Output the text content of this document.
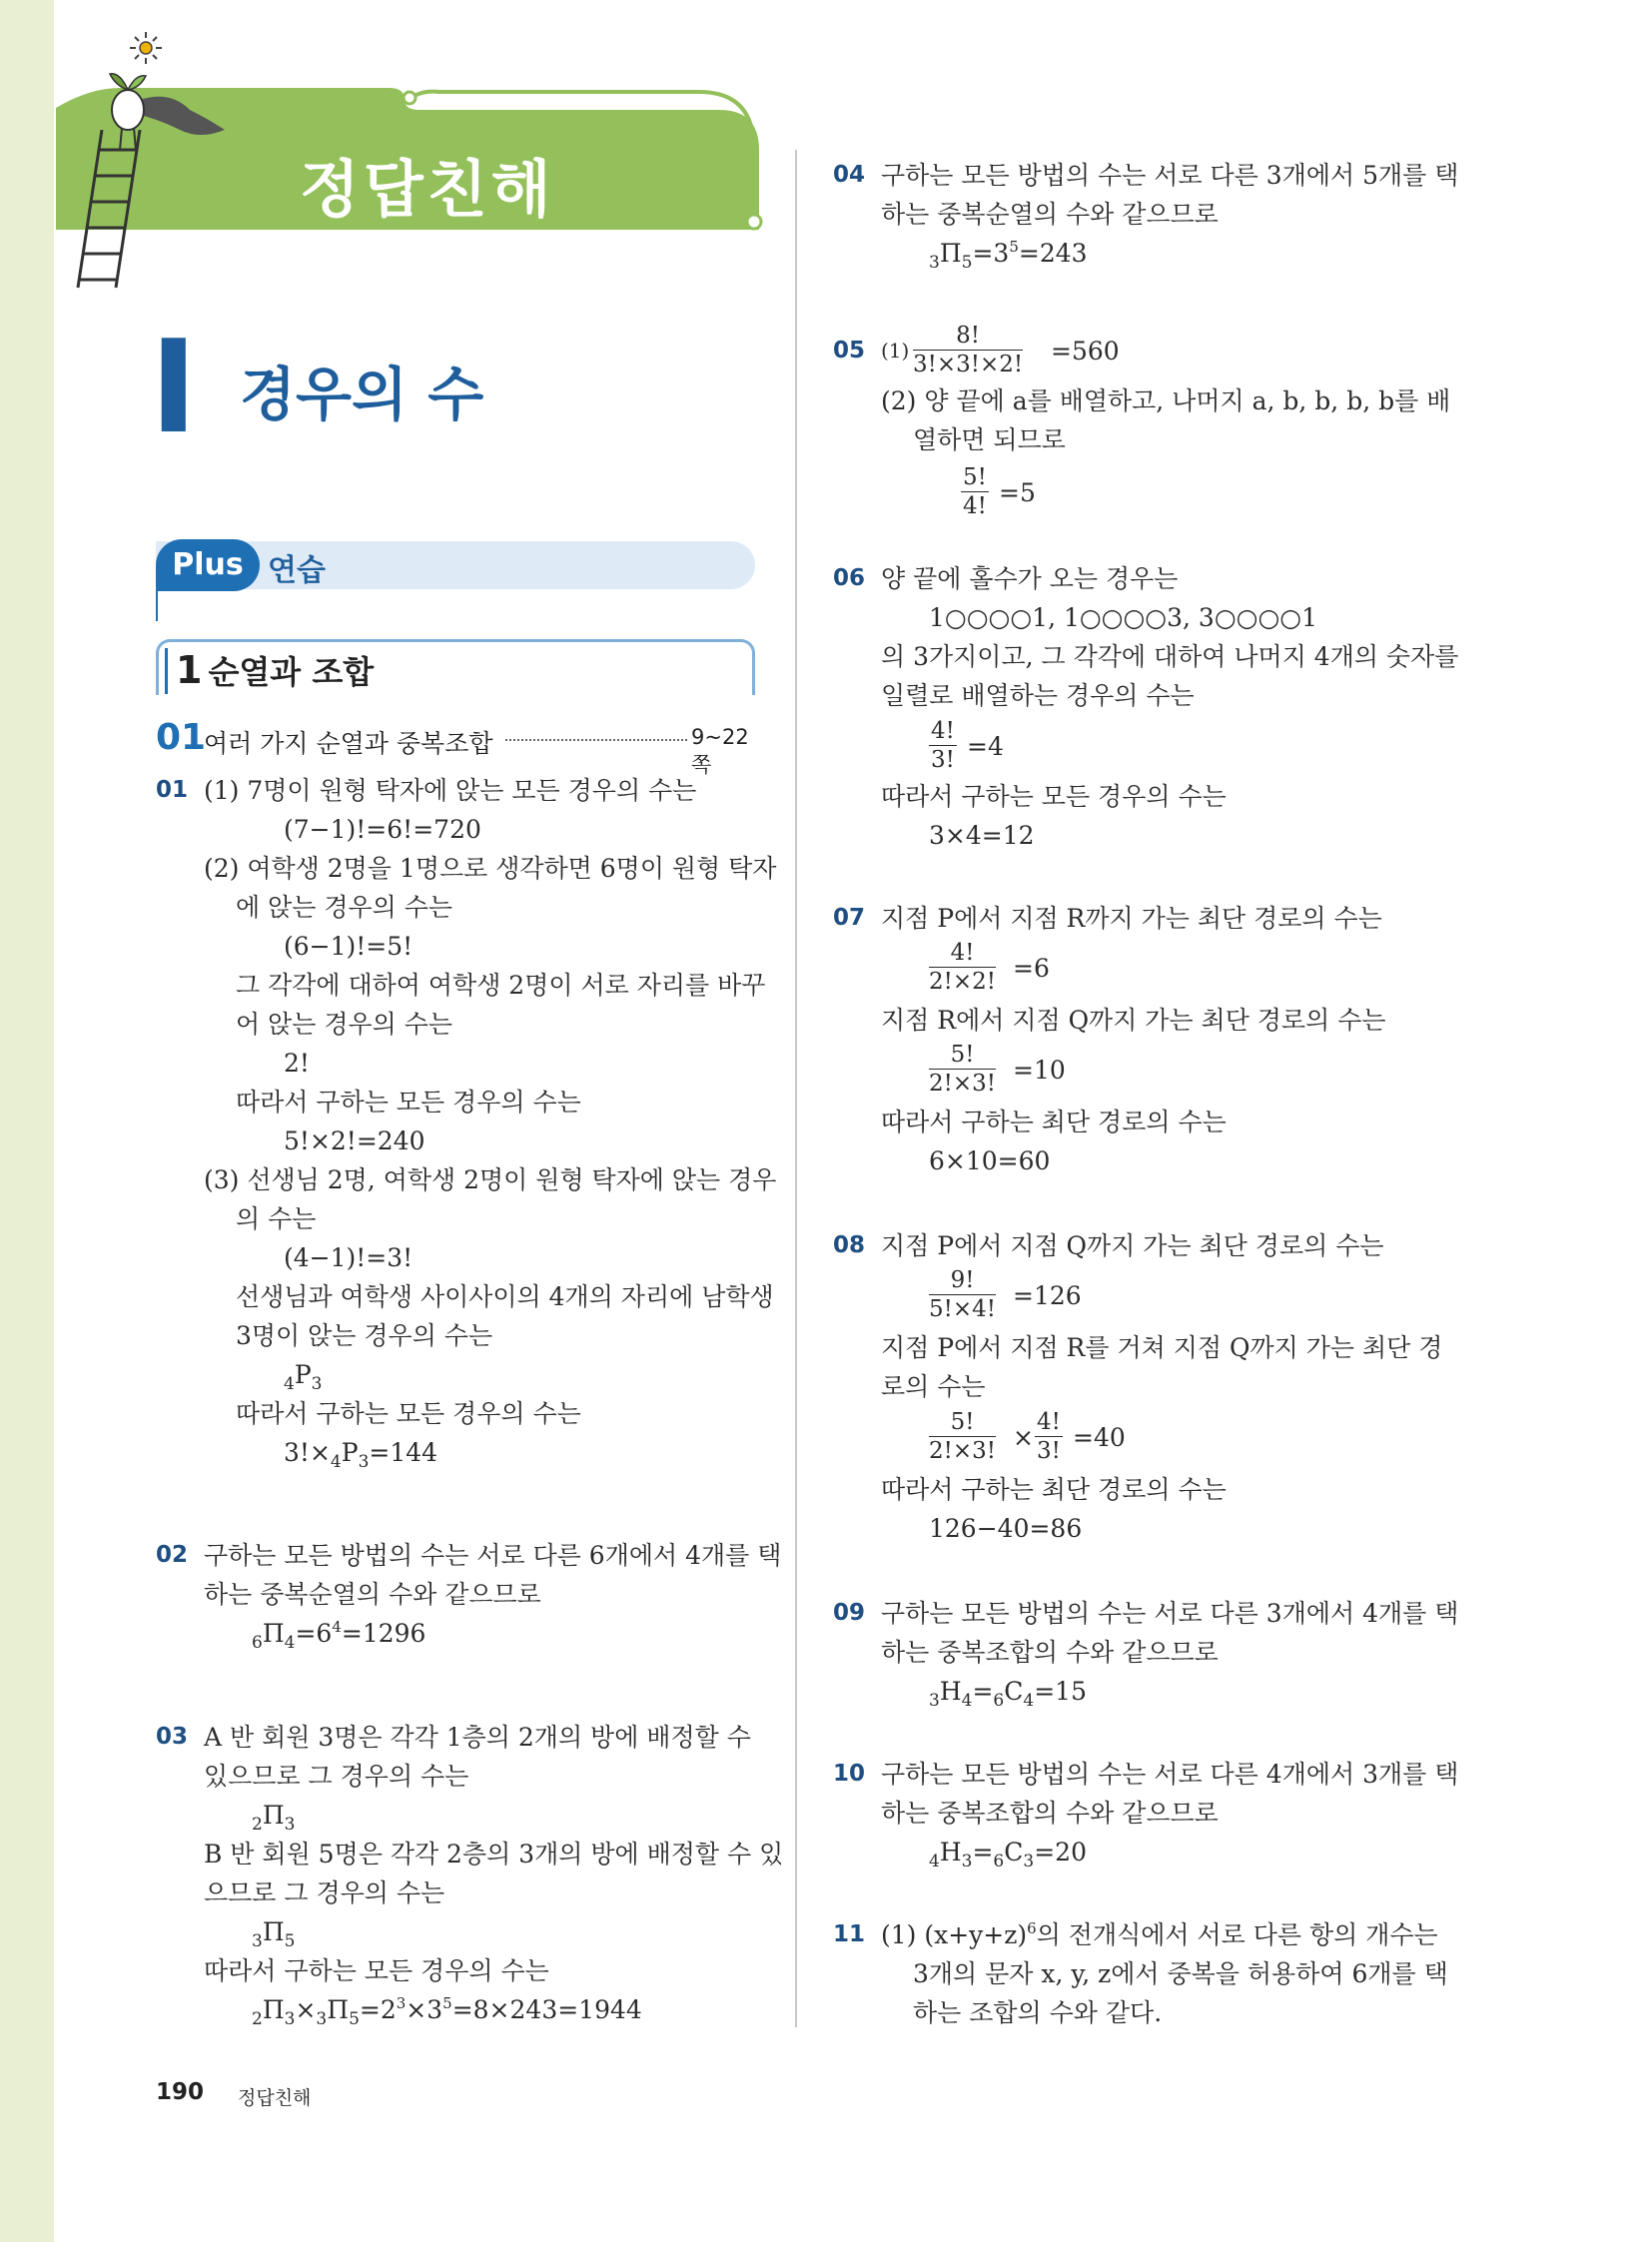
정답친해
I 경우의 수
Plus 연습
1 순열과 조합
01
여러 가지 순열과 중복조합	9~22쪽
01 (1) 7명이 원형 탁자에 앉는 모든 경우의 수는
(7−1)!=6!=720
(2) 여학생 2명을 1명으로 생각하면 6명이 원형 탁자
에 앉는 경우의 수는
(6−1)!=5!
그 각각에 대하여 여학생 2명이 서로 자리를 바꾸
어 앉는 경우의 수는
2!
따라서 구하는 모든 경우의 수는
5!×2!=240
(3) 선생님 2명, 여학생 2명이 원형 탁자에 앉는 경우
의 수는
(4−1)!=3!
선생님과 여학생 사이사이의 4개의 자리에 남학생
3명이 앉는 경우의 수는
$_4P_3$
따라서 구하는 모든 경우의 수는
$3!\times_4P_3=144$
02 구하는 모든 방법의 수는 서로 다른 6개에서 4개를 택
하는 중복순열의 수와 같으므로
$_6\Pi_4=6^4=1296$
03 A 반 회원 3명은 각각 1층의 2개의 방에 배정할 수
있으므로 그 경우의 수는
$_2\Pi_3$
B 반 회원 5명은 각각 2층의 3개의 방에 배정할 수 있
으므로 그 경우의 수는
$_3\Pi_5$
따라서 구하는 모든 경우의 수는
$_2\Pi_3\times_3\Pi_5=2^3\times 3^5=8\times 243=1944$
04 구하는 모든 방법의 수는 서로 다른 3개에서 5개를 택
하는 중복순열의 수와 같으므로
$_3\Pi_5=3^5=243$
05 $(1) \frac{8!}{3!\times 3!\times 2!} =560$
(2) 양 끝에 a를 배열하고, 나머지 a, b, b, b, b를 배
열하면 되므로
$\frac{5!}{4!} =5$
06 양 끝에 홀수가 오는 경우는
1○○○○1, 1○○○○3, 3○○○○1
의 3가지이고, 그 각각에 대하여 나머지 4개의 숫자를
일렬로 배열하는 경우의 수는
$\frac{4!}{3!} =4$
따라서 구하는 모든 경우의 수는
3×4=12
07 지점 P에서 지점 R까지 가는 최단 경로의 수는
$\frac{4!}{2!\times 2!} =6$
지점 R에서 지점 Q까지 가는 최단 경로의 수는
$\frac{5!}{2!\times 3!} =10$
따라서 구하는 최단 경로의 수는
6×10=60
08 지점 P에서 지점 Q까지 가는 최단 경로의 수는
$\frac{9!}{5!\times 4!} =126$
지점 P에서 지점 R를 거쳐 지점 Q까지 가는 최단 경
로의 수는
$\frac{5!}{2!\times 3!} \times \frac{4!}{3!} =40$
따라서 구하는 최단 경로의 수는
126−40=86
09 구하는 모든 방법의 수는 서로 다른 3개에서 4개를 택
하는 중복조합의 수와 같으므로
$_3H_4=_6C_4=15$
10 구하는 모든 방법의 수는 서로 다른 4개에서 3개를 택
하는 중복조합의 수와 같으므로
$_4H_3=_6C_3=20$
11 (1) $(x+y+z)^6$의 전개식에서 서로 다른 항의 개수는
3개의 문자 x, y, z에서 중복을 허용하여 6개를 택
하는 조합의 수와 같다.
190 정답친해
